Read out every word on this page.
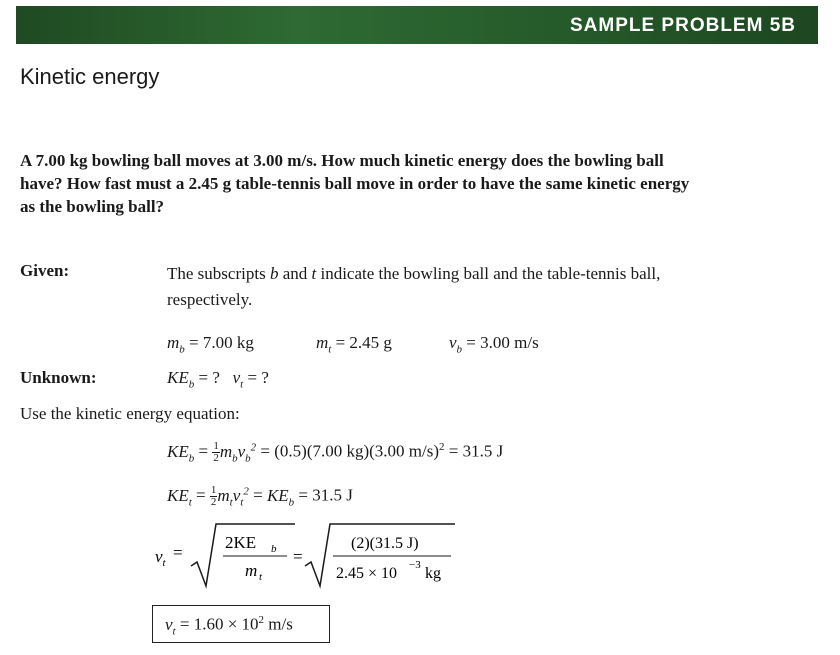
SAMPLE PROBLEM 5B
Kinetic energy
A 7.00 kg bowling ball moves at 3.00 m/s. How much kinetic energy does the bowling ball have? How fast must a 2.45 g table-tennis ball move in order to have the same kinetic energy as the bowling ball?
Given:	The subscripts b and t indicate the bowling ball and the table-tennis ball, respectively.
$m_b = 7.00$ kg	$m_t = 2.45$ g	$v_b = 3.00$ m/s
Unknown:	$KE_b$ = ?   $v_t$ = ?
Use the kinetic energy equation:
$KE_b = \frac{1}{2} m_bv_b^2 = (0.5)(7.00$ kg)(3.00 m/s)$^2$ = 31.5 J
$KE_t = \frac{1}{2} m_tv_t^2 = KE_b = 31.5$ J
$v_t$
=
2KE b
m t
=
(2)(31.5 J)
2.45 × 10 −3 kg
$v_t = 1.60 \times 10^2$ m/s
